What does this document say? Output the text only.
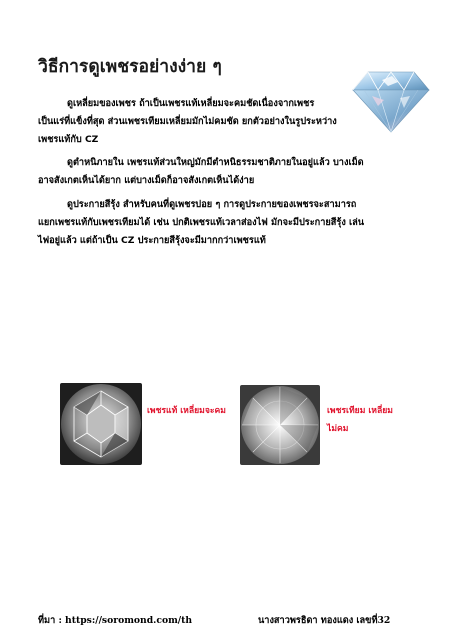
วิธีการดูเพชรอย่างง่าย ๆ
ดูเหลี่ยมของเพชร ถ้าเป็นเพชรแท้เหลี่ยมจะคมชัดเนื่องจากเพชร
เป็นแร่ที่แข็งที่สุด ส่วนเพชรเทียมเหลี่ยมมักไม่คมชัด ยกตัวอย่างในรูประหว่าง
เพชรแท้กับ CZ
ดูตำหนิภายใน เพชรแท้ส่วนใหญ่มักมีตำหนิธรรมชาติภายในอยู่แล้ว บางเม็ด
อาจสังเกตเห็นได้ยาก แต่บางเม็ดก็อาจสังเกตเห็นได้ง่าย
ดูประกายสีรุ้ง สำหรับคนที่ดูเพชรบ่อย ๆ การดูประกายของเพชรจะสามารถ
แยกเพชรแท้กับเพชรเทียมได้ เช่น ปกติเพชรแท้เวลาส่องไฟ มักจะมีประกายสีรุ้ง เล่น
ไฟอยู่แล้ว แต่ถ้าเป็น CZ ประกายสีรุ้งจะมีมากกว่าเพชรแท้
เพชรแท้ เหลี่ยมจะคม	เพชรเทียม เหลี่ยม
ไม่คม
ที่มา : https://soromond.com/th	นางสาวพรธิดา ทองแดง เลขที่32
